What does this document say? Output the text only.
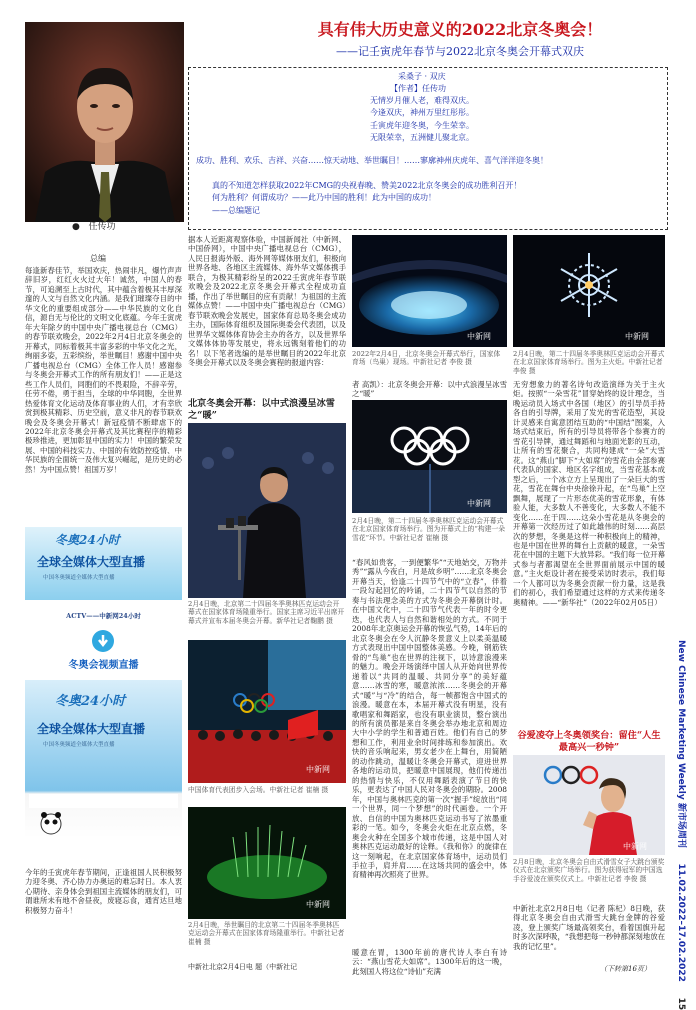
● 任传功
具有伟大历史意义的2022北京冬奥会！
——记壬寅虎年春节与2022北京冬奥会开幕式双庆
采桑子 · 双庆
【作者】任传功
无情岁月催人老，难得双庆。
今逢双庆，神州万里红彤彤。
壬寅虎年迎冬奥，今生荣幸。
无限荣幸，五洲健儿聚北京。
成功、胜利、欢乐、吉祥、兴奋……惊天动地、举世瞩目！……寥廓神州庆虎年、喜气洋洋迎冬奥！
真的不知道怎样获取2022年CMG的央视春晚、赞美2022北京冬奥会的成功胜利召开！
何为胜利？何谓成功？——此乃中国的胜利！此为中国的成功！
——总编题记
总编
每逢新春佳节，举国欢庆，热闹非凡，爆竹声声辞旧岁，红红火火过大年！诚然，中国人的春节，可追溯至上古时代，其中蕴含着极其丰厚深邃的人文与自然文化内涵。是我们璀璨夺目的中华文化的重要组成部分——中华民族的文化自信，源自无与伦比的文明文化底蕴。今年壬寅虎年大年除夕的中国中央广播电视总台（CMG）的春节联欢晚会，2022年2月4日北京冬奥会的开幕式，同标着极其丰富多彩的中华文化之光，绚丽多姿，五彩缤纷，举世瞩目！感谢中国中央广播电视总台（CMG）全体工作人员！感谢参与冬奥会开幕式工作的所有朋友们！——正是这些工作人员们，同胞们的不畏艰险，不辞辛劳，任劳不倦，勇于担当，全球的中华同胞，全世界热爱体育文化运动及体育事业的人们，才有幸欣赏到极其精彩、历史空前，意义非凡的春节联欢晚会及冬奥会开幕式！新冠疫情不断肆虐下的2022年北京冬奥会开幕式及其比赛程序的精彩极珍推进，更加彰显中国的实力！中国的繁荣发展、中国的科技实力、中国的有效防控疫情、中华民族的全面统一及伟大复兴崛起，是历史的必然！为中国点赞！祖国万岁！
冬奥24小时
全球全媒体大型直播
中国冬奥频道全媒体大型直播
ACTV——中新网24小时
冬奥会视频直播
冬奥24小时
全球全媒体大型直播
中国冬奥频道全媒体大型直播
今年的壬寅虎年春节期间，正逢祖国人民积极努力迎冬奥、齐心协力办奥运的难忘时日。本人衷心期待、亲身体会到祖国主流媒体的朋友们，可谓谁所未有地不舍昼夜，废寝忘食，通宵达旦地积极努力奋斗！
据本人近距离观察体验，中国新闻社（中新网、中国侨网），中国中央广播电视总台（CMG），人民日报海外版、海外网等媒体朋友们，积极向世界各地、各地区主流媒体、海外华文媒体携手联合，为极其精彩纷呈的2022壬寅虎年春节联欢晚会及2022北京冬奥会开幕式全程成功直播，作出了举世瞩目的应有贡献！为祖国的主流媒体点赞！——中国中央广播电视总台（CMG）春节联欢晚会发展史，国家体育总局冬奥会成功主办，国际体育组织及国际奥委会代表团，以及世界华文媒体体育协会主办的各方，以及世界华文媒体体协等发展史，将永远镌刻着他们的功名！以下笔者选编的是举世瞩目的2022年北京冬奥会开幕式以及冬奥会赛程的报道内容：
北京冬奥会开幕：以中式浪漫呈冰雪之“暖”
2月4日晚，北京第二十四届冬季奥林匹克运动会开幕式在国家体育场隆重举行。国家主席习近平出席开幕式并宣布本届冬奥会开幕。新华社记者鞠鹏 摄
中新网
中国体育代表团步入会场。中新社记者 崔楠 摄
中新网
2月4日晚，举世瞩目的北京第二十四届冬季奥林匹克运动会开幕式在国家体育场隆重举行。中新社记者 崔楠 摄
中新社北京2月4日电 题（中新社记
中新网
2022年2月4日，北京冬奥会开幕式举行，国家体育场（鸟巢）现场。中新社记者 李俊 摄
者 高凯）：北京冬奥会开幕：以中式浪漫呈冰雪之“暖”
中新网
2月4日晚，第二十四届冬季奥林匹克运动会开幕式在北京国家体育场举行。图为开幕式上的“构建一朵雪花”环节。中新社记者 崔楠 摄
“春风如贵客，一到便繁华”“天地始交，万物并秀”“露从今夜白，月是故乡明”……北京冬奥会开幕当天，恰逢二十四节气中的“立春”，伴着一段勾起回忆的吟诵，二十四节气以自然的节奏与书法理念美的方式为冬奥会开幕倒计时。在中国文化中，二十四节气代表一年的时令更迭，也代表人与自然和谐相处的方式。不同于2008年北京奥运会开幕的恢弘气势，14年后的北京冬奥会在令人沉静冬景意义上以柔美温暖方式表现出中国中国整体美感。今晚，钢筋铁骨的“鸟巢”也在世界的注视下，以诗意浪漫来的魅力。晚会开场演绎中国人从开始向世界传递着以“共同的温暖、共同分享”的美好蕴意……冰雪的寒，暖意浓浓……冬奥会的开幕式“暖”与“冷”的结合，每一帧都饱含中国式的浪漫。暖意在本，本届开幕式没有明星，没有歌唱家和舞蹈家，也没有职业演员，整台演出的所有演员都是来自冬奥会举办地北京和周边大中小学的学生和普通百姓。他们有自己的梦想和工作，利用业余时间排练和参加演出。欢快的音乐响起来，男女老少在上舞台，用简陋的动作跳动，温暖让冬奥会开幕式，迎进世界各地的运动员，把暖意中国展现，他们传递出的热情与快乐，不仅用舞蹈表演了节日的快乐，更表达了中国人民对冬奥会的期盼。2008年，中国与奥林匹克的第一次“握手”绽放出“同一个世界，同一个梦想”的时代画卷。一个开放、自信的中国为奥林匹克运动书写了浓墨重彩的一笔。如今，冬奥会火炬在北京点燃，冬奥会火种在全国多个城市传递，这是中国人对奥林匹克运动最好的诠释。《我和你》的旋律在这一刻响起，在北京国家体育场中，运动员们手拉手，肩并肩……在这场共同的盛会中，体育精神再次照亮了世界。
暖意在胃，1300年前的唐代诗人李白有诗云：“燕山雪花大如席”。1300年后的这一晚，此刻国人将这位“诗仙”充满
中新网
2月4日晚，第二十四届冬季奥林匹克运动会开幕式在北京国家体育场举行。图为主火炬。中新社记者 李俊 摄
无穷想象力的著名诗句改造演绎为关于主火炬。按照“一朵雪花”冒穿始终的设计理念，当晚运动员入场式中各国（地区）的引导员手持各自的引导牌，采用了发光的雪花造型，其设计灵感来自寓意团结互助的“中国结”图案，入场式结束后，所有的引导员将带各个参赛方的雪花引导牌，通过舞蹈和与地面光影的互动，让所有的雪花聚合，共同构建成“一朵”大雪花。这“燕山”脚下“大如席”的雪花由全部参赛代表队的国家、地区名字组成，当雪花基本成型之后，一个冰立方上呈现出了一朵巨大的雪花，雪花在舞台中央徐徐升起，在“鸟巢”上空飘舞，展现了一片形态优美的雪花形象，有体验人能，大多数人不善变化，大多数人不能不变化……在于四……这朵小雪花是从冬奥会的开幕第一次经历过了如此雄伟的时刻……高层次的梦想，冬奥是这样一种积极向上的精神，也是中国在世界的舞台上贡献的暖意，一朵雪花在中国的主题下大放异彩。“我们每一位开幕式参与者都渴望在全世界面前展示中国的暖意。”主火炬设计者在接受采访时表示，我们每一个人都可以为冬奥会贡献一份力量，这是我们的初心，我们希望通过这样的方式来传递冬奥精神。——“新华社”（2022年02月05日）
谷爱凌夺上冬奥领奖台：留住“人生最高兴一秒钟”
中新网
2月8日晚，北京冬奥会自由式滑雪女子大跳台颁奖仪式在北京颁奖广场举行。图为获得冠军的中国选手谷爱凌在颁奖仪式上。中新社记者 李俊 摄
中新社北京2月8日电（记者 陈杞）8日晚，获得北京冬奥会自由式滑雪大跳台金牌的谷爱凌，登上颁奖广场最高领奖台，看着国旗升起时多次深呼吸，“我想把每一秒钟都深刻地放在我的记忆里”。
New Chinese Marketing Weekly 新市场周刊     11.02.2022–17.02.2022     15
（下转第16页）
